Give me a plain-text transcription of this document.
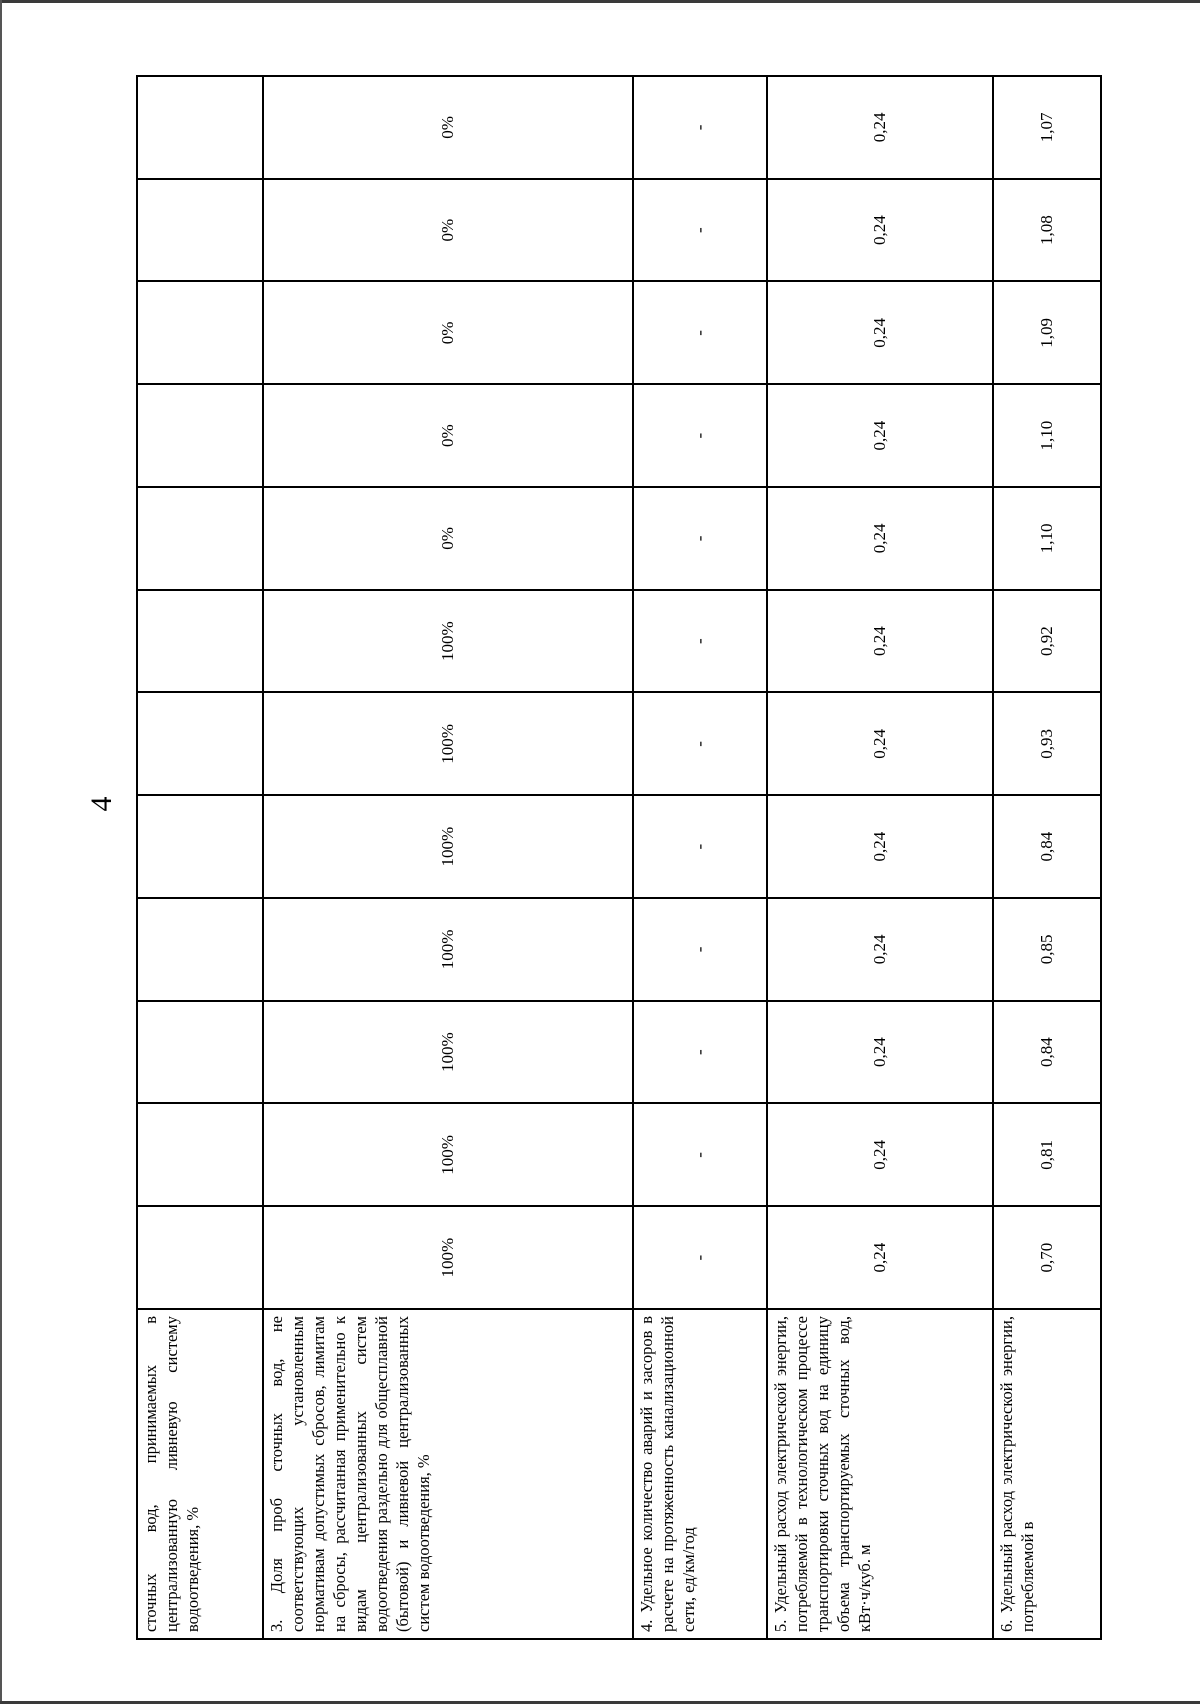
4
сточных вод, принимаемых в централизованную ливневую систему водоотведения, %												
3. Доля проб сточных вод, не соответствующих установленным нормативам допустимых сбросов, лимитам на сбросы, рассчитанная применительно к видам централизованных систем водоотведения раздельно для общесплавной (бытовой) и ливневой централизованных систем водоотведения, %	100%	100%	100%	100%	100%	100%	100%	0%	0%	0%	0%	0%
4. Удельное количество аварий и засоров в расчете на протяженность канализационной сети, ед/км/год	-	-	-	-	-	-	-	-	-	-	-	-
5. Удельный расход электрической энергии, потребляемой в технологическом процессе транспортировки сточных вод на единицу объема транспортируемых сточных вод, кВт·ч/куб. м	0,24	0,24	0,24	0,24	0,24	0,24	0,24	0,24	0,24	0,24	0,24	0,24
6. Удельный расход электрической энергии, потребляемой в	0,70	0,81	0,84	0,85	0,84	0,93	0,92	1,10	1,10	1,09	1,08	1,07
